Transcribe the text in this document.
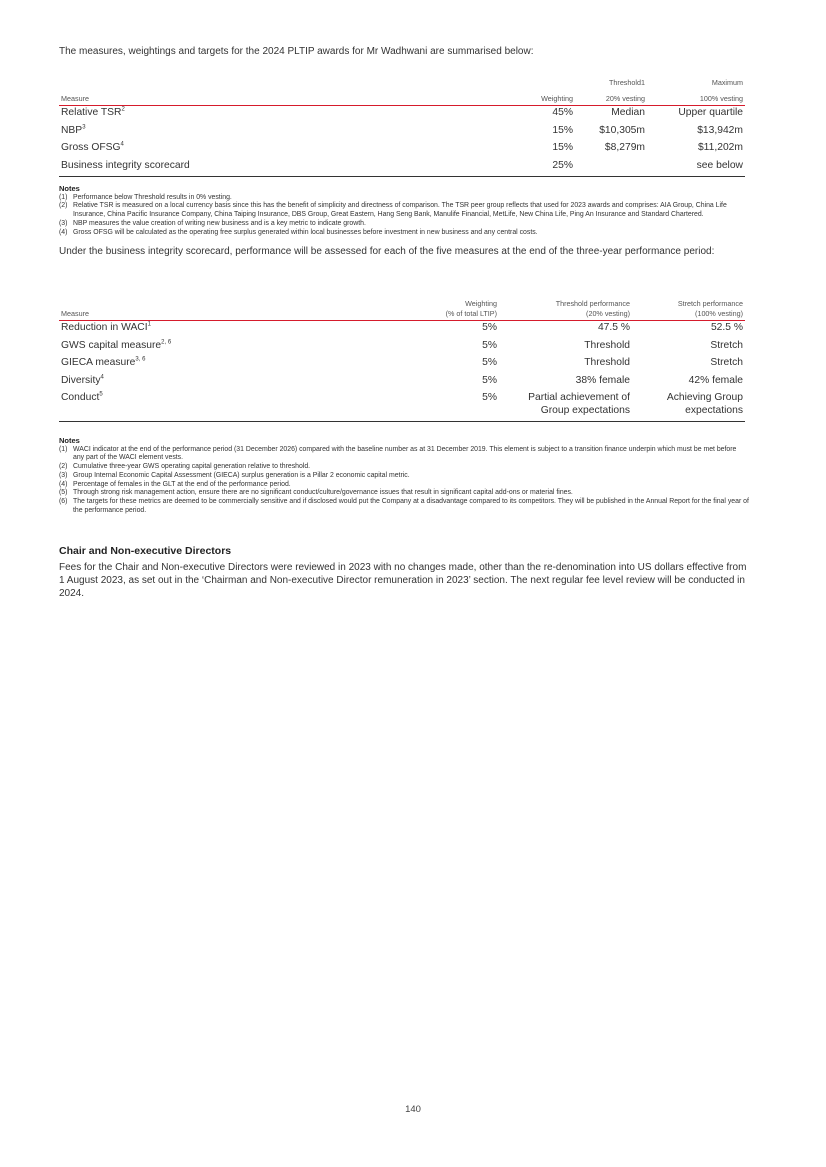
The measures, weightings and targets for the 2024 PLTIP awards for Mr Wadhwani are summarised below:
		Threshold1	Maximum
Measure	Weighting	20% vesting	100% vesting
Relative TSR$^2$	45%	Median	Upper quartile
NBP$^3$	15%	$10,305m	$13,942m
Gross OFSG$^4$	15%	$8,279m	$11,202m
Business integrity scorecard	25%		see below
Notes
(1) Performance below Threshold results in 0% vesting.
(2) Relative TSR is measured on a local currency basis since this has the benefit of simplicity and directness of comparison. The TSR peer group reflects that used for 2023 awards and comprises: AIA Group, China Life Insurance, China Pacific Insurance Company, China Taiping Insurance, DBS Group, Great Eastern, Hang Seng Bank, Manulife Financial, MetLife, New China Life, Ping An Insurance and Standard Chartered.
(3) NBP measures the value creation of writing new business and is a key metric to indicate growth.
(4) Gross OFSG will be calculated as the operating free surplus generated within local businesses before investment in new business and any central costs.
Under the business integrity scorecard, performance will be assessed for each of the five measures at the end of the three-year performance period:
	Weighting	Threshold performance	Stretch performance
Measure	(% of total LTIP)	(20% vesting)	(100% vesting)
Reduction in WACI$^1$	5%	47.5 %	52.5 %
GWS capital measure$^{2, 6}$	5%	Threshold	Stretch
GIECA measure$^{3, 6}$	5%	Threshold	Stretch
Diversity$^4$	5%	38% female	42% female
Conduct$^5$	5%	Partial achievement of Group expectations	Achieving Group expectations
Notes
(1) WACI indicator at the end of the performance period (31 December 2026) compared with the baseline number as at 31 December 2019. This element is subject to a transition finance underpin which must be met before any part of the WACI element vests.
(2) Cumulative three-year GWS operating capital generation relative to threshold.
(3) Group Internal Economic Capital Assessment (GIECA) surplus generation is a Pillar 2 economic capital metric.
(4) Percentage of females in the GLT at the end of the performance period.
(5) Through strong risk management action, ensure there are no significant conduct/culture/governance issues that result in significant capital add-ons or material fines.
(6) The targets for these metrics are deemed to be commercially sensitive and if disclosed would put the Company at a disadvantage compared to its competitors. They will be published in the Annual Report for the final year of the performance period.
Chair and Non-executive Directors
Fees for the Chair and Non-executive Directors were reviewed in 2023 with no changes made, other than the re-denomination into US dollars effective from 1 August 2023, as set out in the ‘Chairman and Non-executive Director remuneration in 2023’ section. The next regular fee level review will be conducted in 2024.
140
